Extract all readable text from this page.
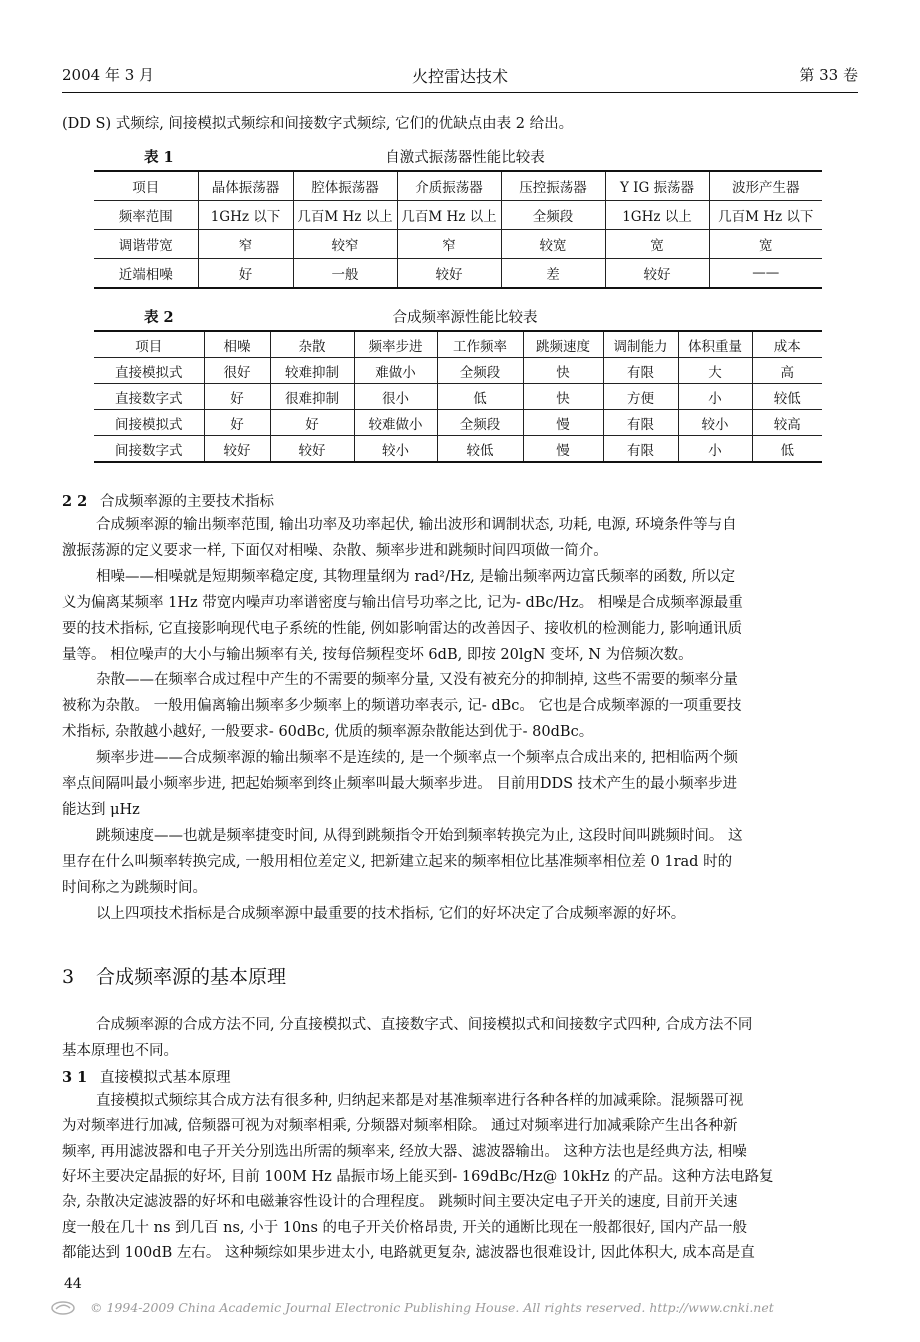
2004 年 3 月	火控雷达技术	第 33 卷
(DD S) 式频综, 间接模拟式频综和间接数字式频综, 它们的优缺点由表 2 给出。
表 1	自激式振荡器性能比较表
项目	晶体振荡器	腔体振荡器	介质振荡器	压控振荡器	Y IG 振荡器	波形产生器
频率范围	1GHz 以下	几百M Hz 以上	几百M Hz 以上	全频段	1GHz 以上	几百M Hz 以下
调谐带宽	窄	较窄	窄	较宽	宽	宽
近端相噪	好	一般	较好	差	较好	——
表 2	合成频率源性能比较表
项目	相噪	杂散	频率步进	工作频率	跳频速度	调制能力	体积重量	成本
直接模拟式	很好	较难抑制	难做小	全频段	快	有限	大	高
直接数字式	好	很难抑制	很小	低	快	方便	小	较低
间接模拟式	好	好	较难做小	全频段	慢	有限	较小	较高
间接数字式	较好	较好	较小	较低	慢	有限	小	低
2 2 合成频率源的主要技术指标
合成频率源的输出频率范围, 输出功率及功率起伏, 输出波形和调制状态, 功耗, 电源, 环境条件等与自
激振荡源的定义要求一样, 下面仅对相噪、杂散、频率步进和跳频时间四项做一简介。
相噪——相噪就是短期频率稳定度, 其物理量纲为 rad²/Hz, 是输出频率两边富氏频率的函数, 所以定
义为偏离某频率 1Hz 带宽内噪声功率谱密度与输出信号功率之比, 记为- dBc/Hz。 相噪是合成频率源最重
要的技术指标, 它直接影响现代电子系统的性能, 例如影响雷达的改善因子、接收机的检测能力, 影响通讯质
量等。 相位噪声的大小与输出频率有关, 按每倍频程变坏 6dB, 即按 20lgN 变坏, N 为倍频次数。
杂散——在频率合成过程中产生的不需要的频率分量, 又没有被充分的抑制掉, 这些不需要的频率分量
被称为杂散。 一般用偏离输出频率多少频率上的频谱功率表示, 记- dBc。 它也是合成频率源的一项重要技
术指标, 杂散越小越好, 一般要求- 60dBc, 优质的频率源杂散能达到优于- 80dBc。
频率步进——合成频率源的输出频率不是连续的, 是一个频率点一个频率点合成出来的, 把相临两个频
率点间隔叫最小频率步进, 把起始频率到终止频率叫最大频率步进。 目前用DDS 技术产生的最小频率步进
能达到 μHz
跳频速度——也就是频率捷变时间, 从得到跳频指令开始到频率转换完为止, 这段时间叫跳频时间。 这
里存在什么叫频率转换完成, 一般用相位差定义, 把新建立起来的频率相位比基准频率相位差 0 1rad 时的
时间称之为跳频时间。
以上四项技术指标是合成频率源中最重要的技术指标, 它们的好坏决定了合成频率源的好坏。
3 合成频率源的基本原理
合成频率源的合成方法不同, 分直接模拟式、直接数字式、间接模拟式和间接数字式四种, 合成方法不同
基本原理也不同。
3 1 直接模拟式基本原理
直接模拟式频综其合成方法有很多种, 归纳起来都是对基准频率进行各种各样的加减乘除。混频器可视
为对频率进行加减, 倍频器可视为对频率相乘, 分频器对频率相除。 通过对频率进行加减乘除产生出各种新
频率, 再用滤波器和电子开关分别选出所需的频率来, 经放大器、滤波器输出。 这种方法也是经典方法, 相噪
好坏主要决定晶振的好坏, 目前 100M Hz 晶振市场上能买到- 169dBc/Hz@ 10kHz 的产品。这种方法电路复
杂, 杂散决定滤波器的好坏和电磁兼容性设计的合理程度。 跳频时间主要决定电子开关的速度, 目前开关速
度一般在几十 ns 到几百 ns, 小于 10ns 的电子开关价格昂贵, 开关的通断比现在一般都很好, 国内产品一般
都能达到 100dB 左右。 这种频综如果步进太小, 电路就更复杂, 滤波器也很难设计, 因此体积大, 成本高是直
44
© 1994-2009 China Academic Journal Electronic Publishing House. All rights reserved. http://www.cnki.net
